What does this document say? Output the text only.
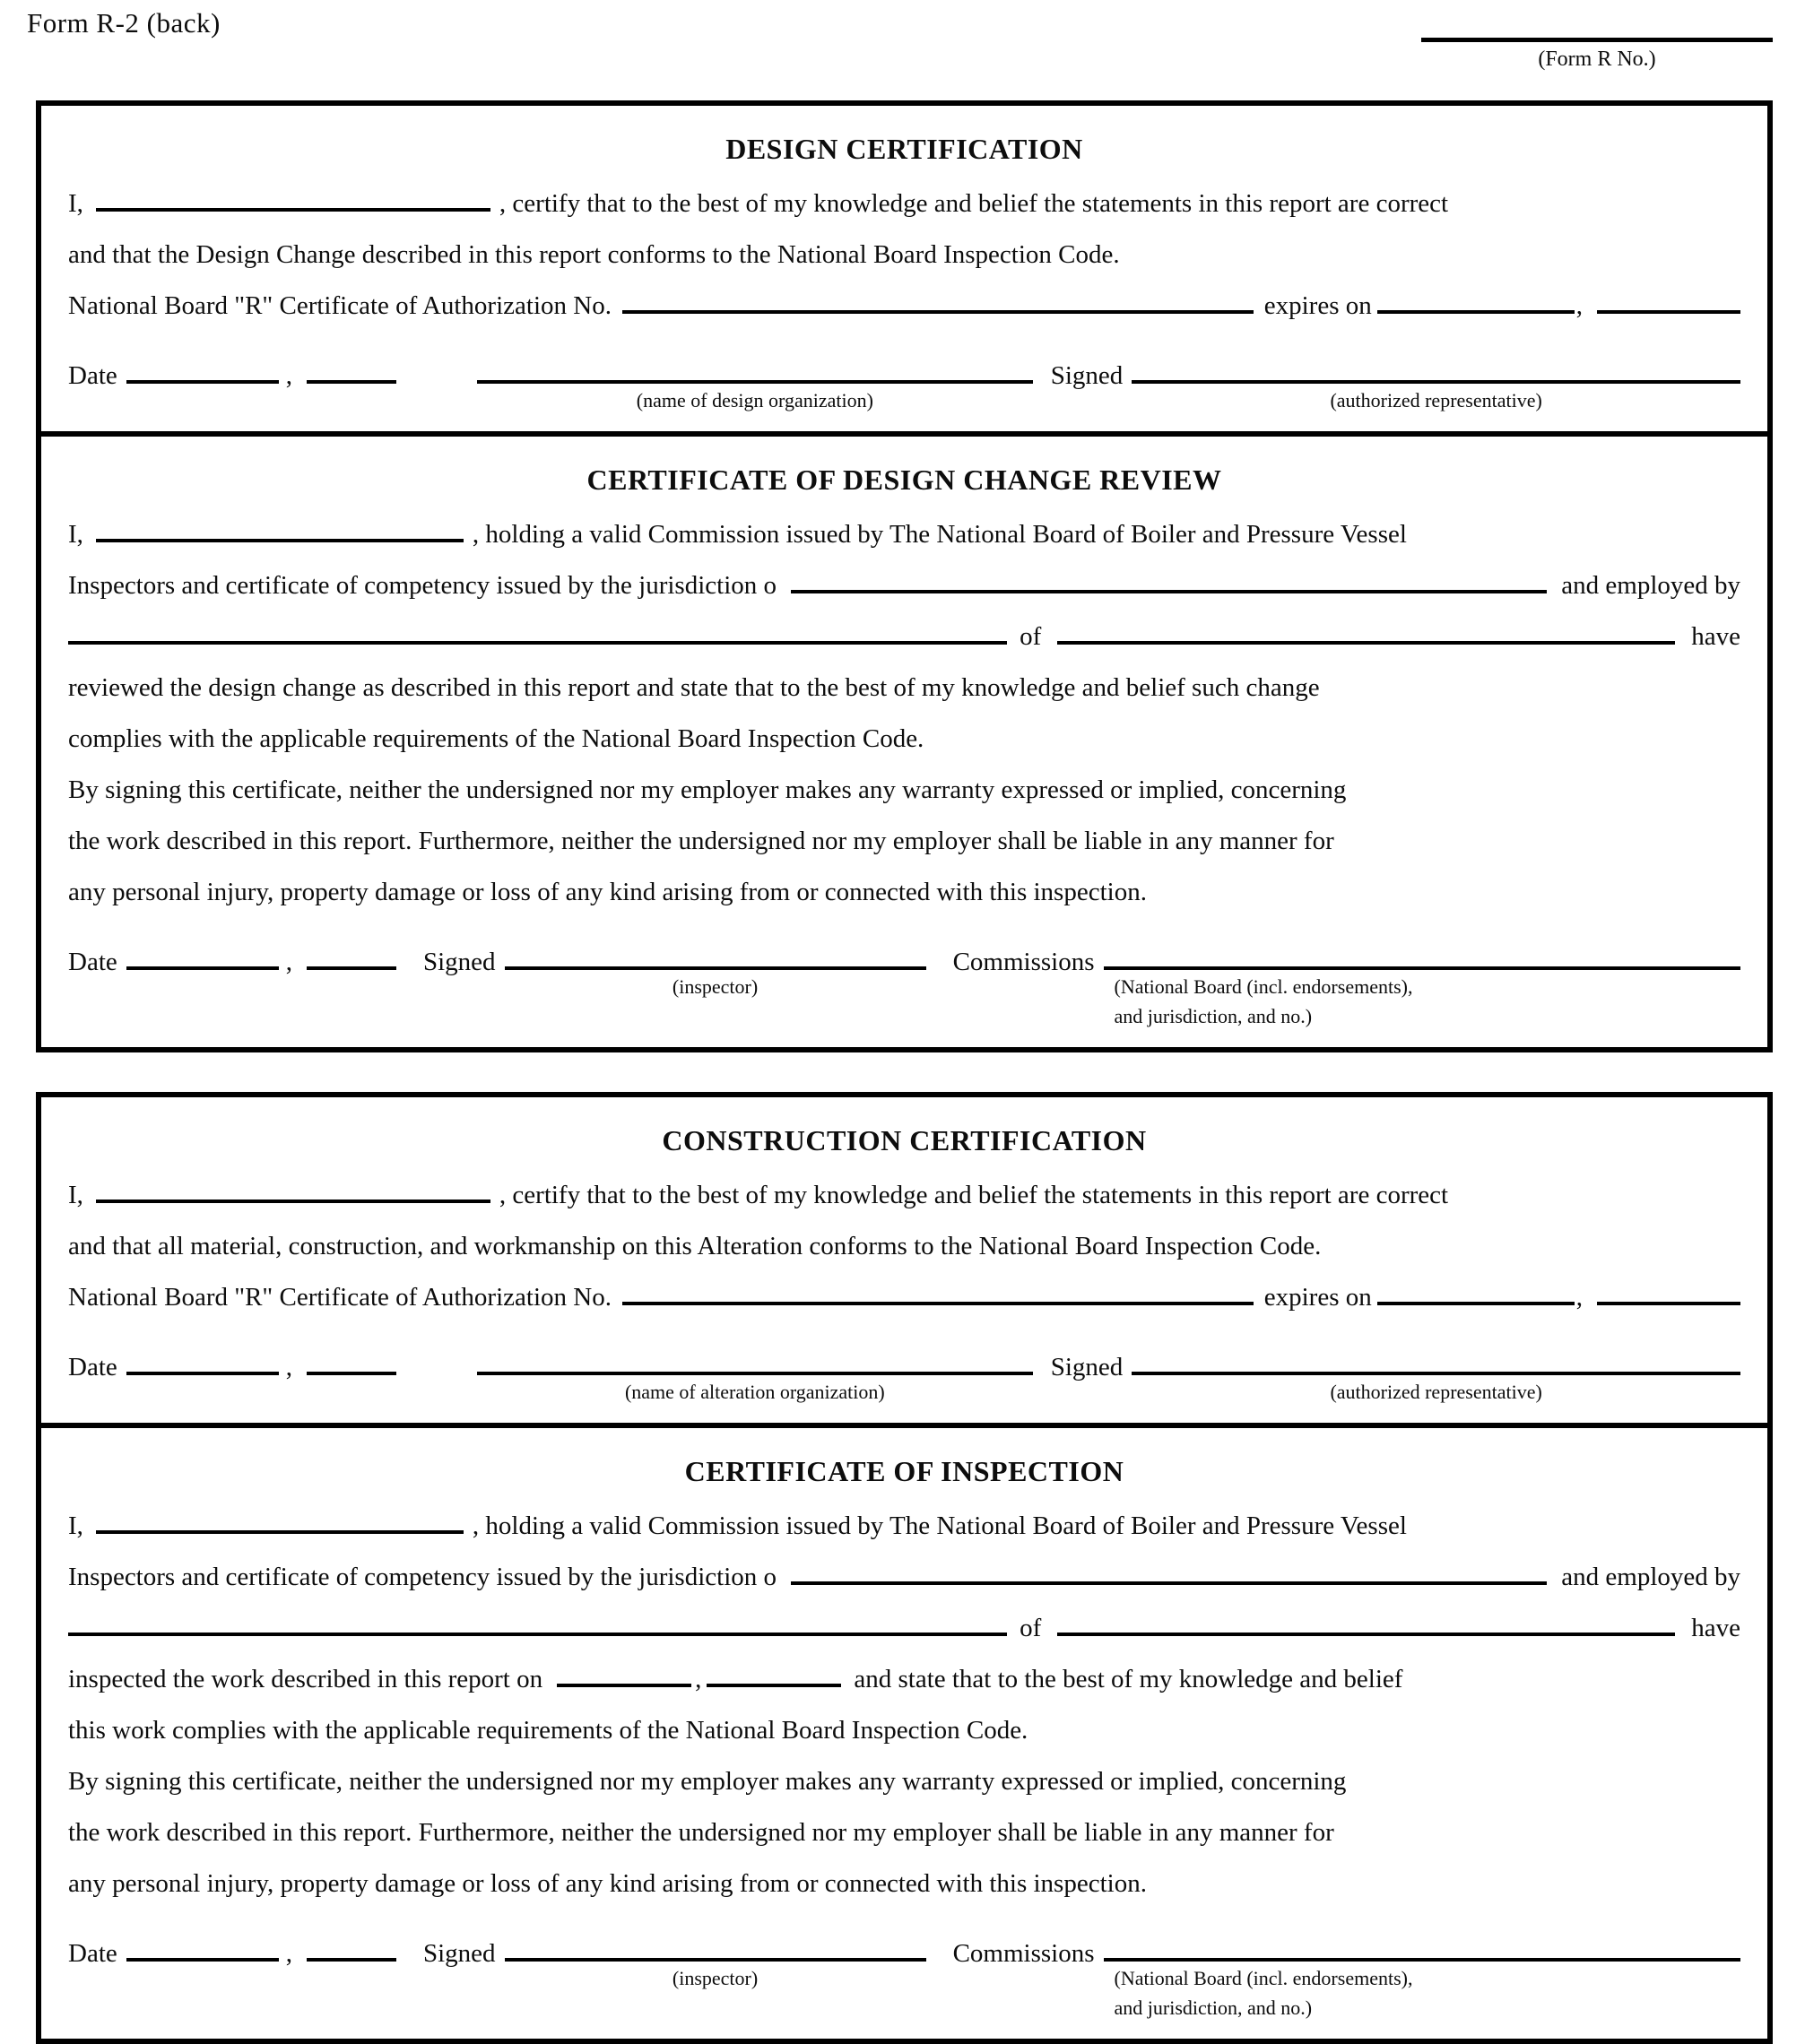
Form R-2 (back)
(Form R No.)
DESIGN CERTIFICATION
I,	, certify that to the best of my knowledge and belief the statements in this report are correct
and that the Design Change described in this report conforms to the National Board Inspection Code.
National Board "R" Certificate of Authorization No.	expires on	,
Date	,
(name of design organization)
Signed
(authorized representative)
CERTIFICATE OF DESIGN CHANGE REVIEW
I,	, holding a valid Commission issued by The National Board of Boiler and Pressure Vessel
Inspectors and certificate of competency issued by the jurisdiction o	and employed by
of	have
reviewed the design change as described in this report and state that to the best of my knowledge and belief such change
complies with the applicable requirements of the National Board Inspection Code.
By signing this certificate, neither the undersigned nor my employer makes any warranty expressed or implied, concerning
the work described in this report. Furthermore, neither the undersigned nor my employer shall be liable in any manner for
any personal injury, property damage or loss of any kind arising from or connected with this inspection.
Date	,	Signed
(inspector)
Commissions
(National Board (incl. endorsements),
and jurisdiction, and no.)
CONSTRUCTION CERTIFICATION
I,	, certify that to the best of my knowledge and belief the statements in this report are correct
and that all material, construction, and workmanship on this Alteration conforms to the National Board Inspection Code.
National Board "R" Certificate of Authorization No.	expires on	,
Date	,
(name of alteration organization)
Signed
(authorized representative)
CERTIFICATE OF INSPECTION
I,	, holding a valid Commission issued by The National Board of Boiler and Pressure Vessel
Inspectors and certificate of competency issued by the jurisdiction o	and employed by
of	have
inspected the work described in this report on	,	and state that to the best of my knowledge and belief
this work complies with the applicable requirements of the National Board Inspection Code.
By signing this certificate, neither the undersigned nor my employer makes any warranty expressed or implied, concerning
the work described in this report. Furthermore, neither the undersigned nor my employer shall be liable in any manner for
any personal injury, property damage or loss of any kind arising from or connected with this inspection.
Date	,	Signed
(inspector)
Commissions
(National Board (incl. endorsements),
and jurisdiction, and no.)
